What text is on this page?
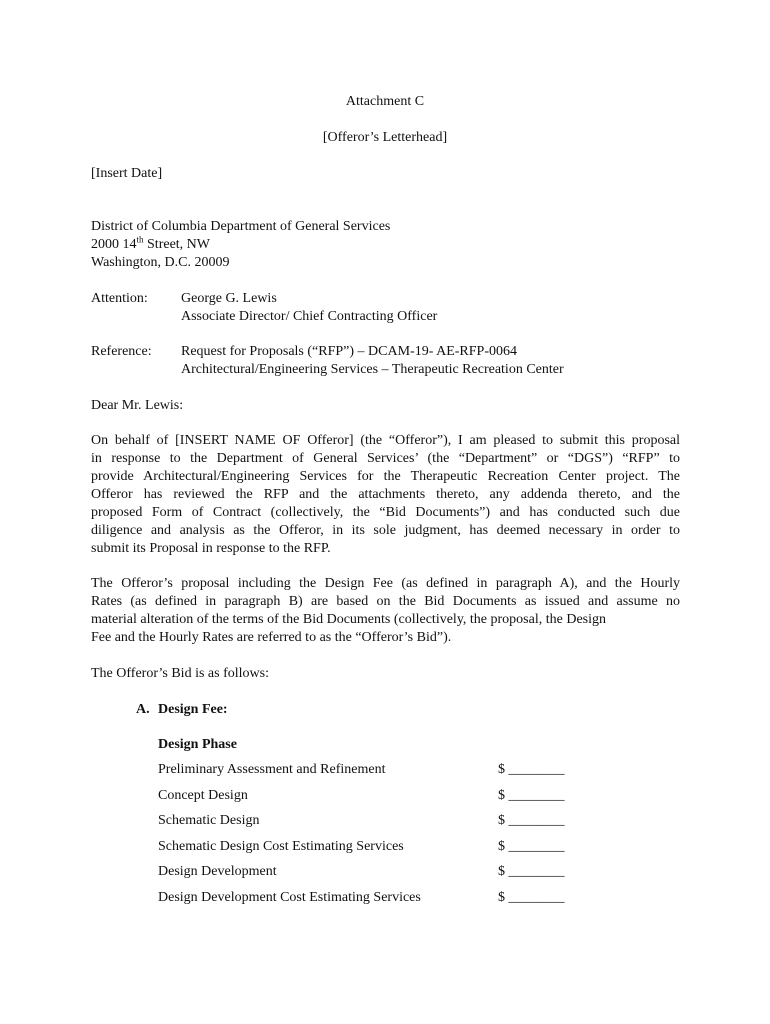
Attachment C
[Offeror’s Letterhead]
[Insert Date]
District of Columbia Department of General Services
2000 14th Street, NW
Washington, D.C. 20009
Attention: George G. Lewis
Associate Director/ Chief Contracting Officer
Reference: Request for Proposals (“RFP”) – DCAM-19- AE-RFP-0064
Architectural/Engineering Services – Therapeutic Recreation Center
Dear Mr. Lewis:
On behalf of [INSERT NAME OF Offeror] (the “Offeror”), I am pleased to submit this proposal
in response to the Department of General Services’ (the “Department” or “DGS”) “RFP” to
provide Architectural/Engineering Services for the Therapeutic Recreation Center project. The
Offeror has reviewed the RFP and the attachments thereto, any addenda thereto, and the
proposed Form of Contract (collectively, the “Bid Documents”) and has conducted such due
diligence and analysis as the Offeror, in its sole judgment, has deemed necessary in order to
submit its Proposal in response to the RFP.
The Offeror’s proposal including the Design Fee (as defined in paragraph A), and the Hourly
Rates (as defined in paragraph B) are based on the Bid Documents as issued and assume no
material alteration of the terms of the Bid Documents (collectively, the proposal, the Design
Fee and the Hourly Rates are referred to as the “Offeror’s Bid”).
The Offeror’s Bid is as follows:
A. Design Fee:
Design Phase
Preliminary Assessment and Refinement	$ ________
Concept Design	$ ________
Schematic Design	$ ________
Schematic Design Cost Estimating Services	$ ________
Design Development	$ ________
Design Development Cost Estimating Services	$ ________
